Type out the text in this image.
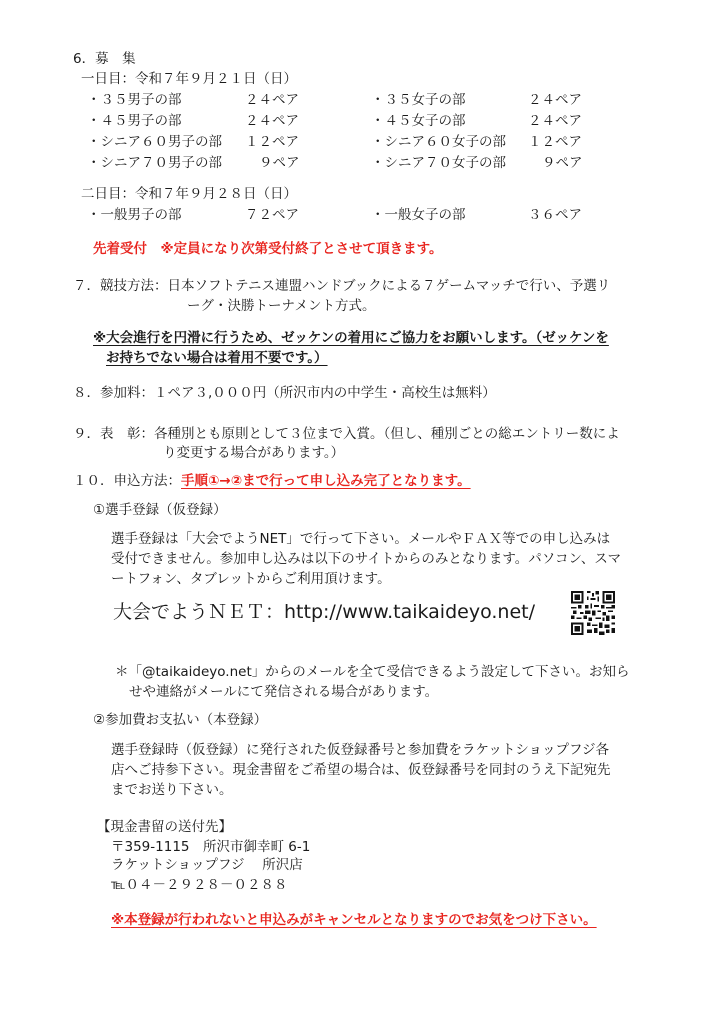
6．募　集
一日目：令和７年９月２１日（日）
・３５男子の部	２４ペア	・３５女子の部	２４ペア
・４５男子の部	２４ペア	・４５女子の部	２４ペア
・シニア６０男子の部 １２ペア	・シニア６０女子の部 １２ペア
・シニア７０男子の部	９ペア	・シニア７０女子の部	９ペア
二日目：令和７年９月２８日（日）
・一般男子の部	７２ペア	・一般女子の部	３６ペア
先着受付　※定員になり次第受付終了とさせて頂きます。
７．競技方法：日本ソフトテニス連盟ハンドブックによる７ゲームマッチで行い、予選リ
ーグ・決勝トーナメント方式。
※大会進行を円滑に行うため、ゼッケンの着用にご協力をお願いします。（ゼッケンを
お持ちでない場合は着用不要です。）
８．参加料：１ペア３,０００円（所沢市内の中学生・高校生は無料）
９．表　彰：各種別とも原則として３位まで入賞。（但し、種別ごとの総エントリー数によ
り変更する場合があります。）
１０．申込方法：手順①→②まで行って申し込み完了となります。
①選手登録（仮登録）
選手登録は「大会でようNET」で行って下さい。メールやＦＡＸ等での申し込みは
受付できません。参加申し込みは以下のサイトからのみとなります。パソコン、スマ
ートフォン、タブレットからご利用頂けます。
大会でようＮＥＴ：http://www.taikaideyo.net/
＊「@taikaideyo.net」からのメールを全て受信できるよう設定して下さい。お知ら
せや連絡がメールにて発信される場合があります。
②参加費お支払い（本登録）
選手登録時（仮登録）に発行された仮登録番号と参加費をラケットショップフジ各
店へご持参下さい。現金書留をご希望の場合は、仮登録番号を同封のうえ下記宛先
までお送り下さい。
【現金書留の送付先】
〒359-1115　所沢市御幸町 6-1
ラケットショップフジ　 所沢店
℡０４－２９２８－０２８８
※本登録が行われないと申込みがキャンセルとなりますのでお気をつけ下さい。
